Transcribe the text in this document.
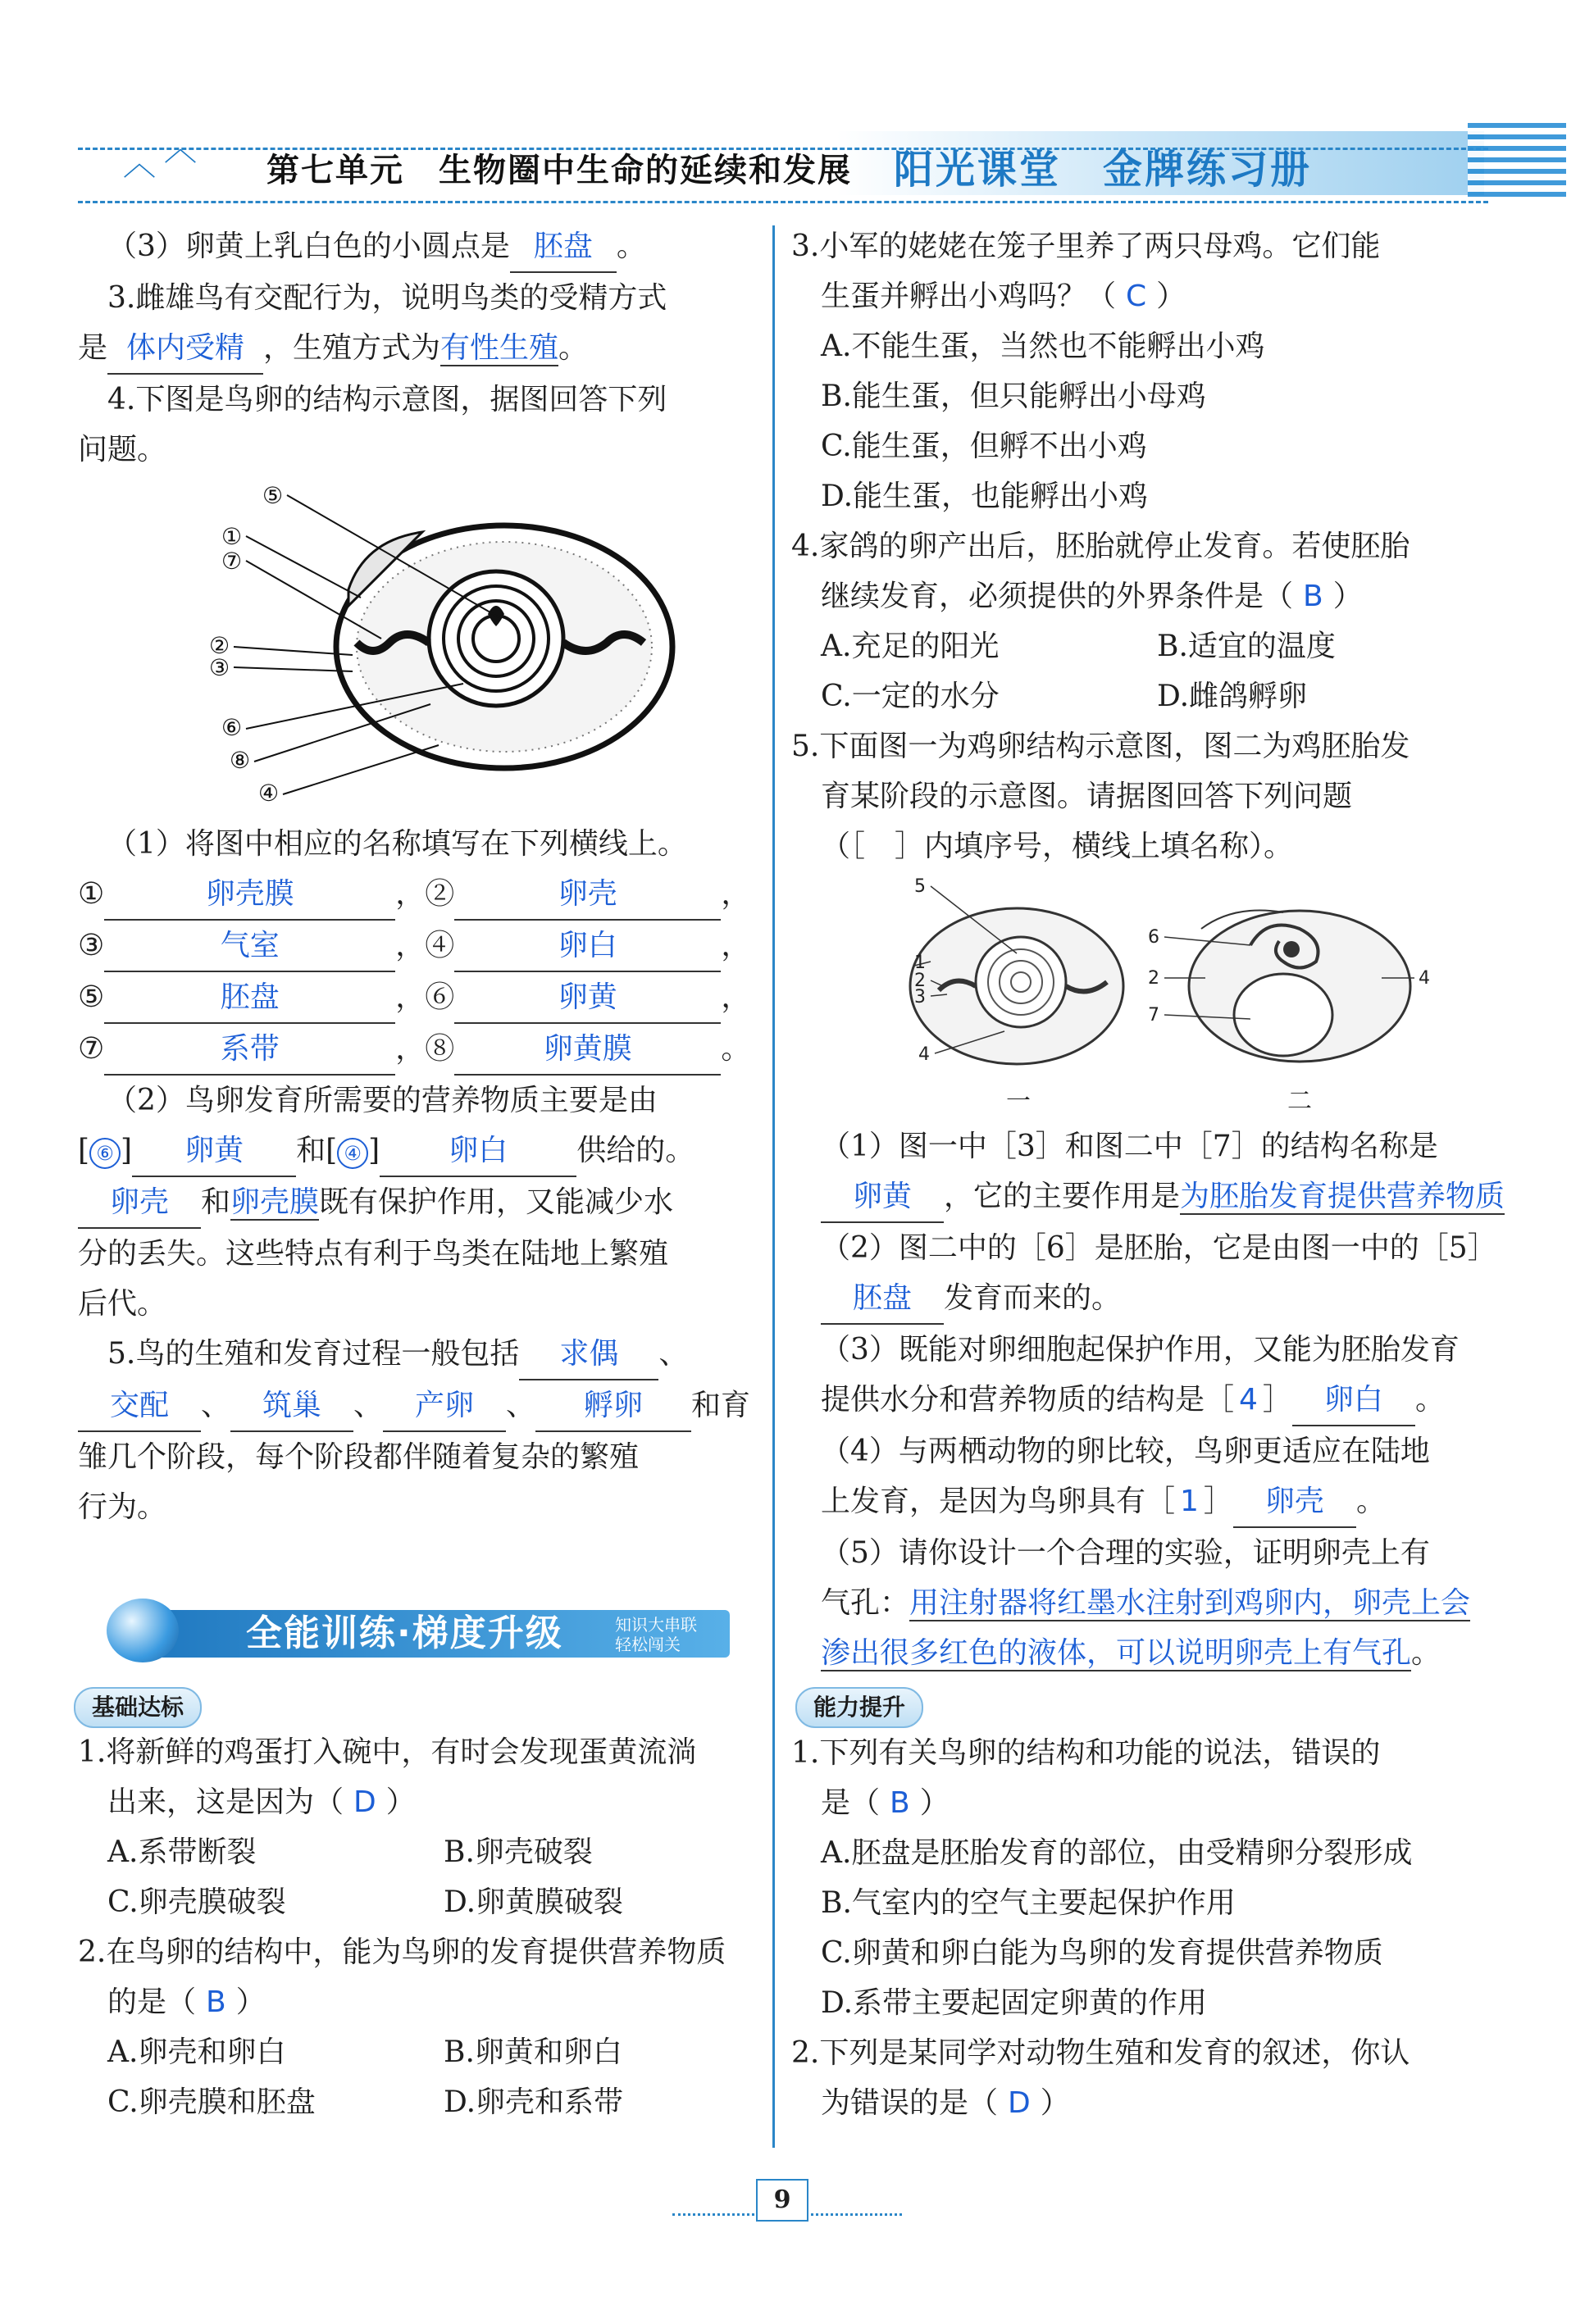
︿ ︿
第七单元　生物圈中生命的延续和发展 阳光课堂　金牌练习册
（3）卵黄上乳白色的小圆点是 胚盘 。
3.雌雄鸟有交配行为，说明鸟类的受精方式
是 体内受精 ，生殖方式为有性生殖。
4.下图是鸟卵的结构示意图，据图回答下列
问题。
⑤
①
⑦
②
③
⑥
⑧
④
（1）将图中相应的名称填写在下列横线上。
①	卵壳膜	，②	卵壳	，
③	气室	，④	卵白	，
⑤	胚盘	，⑥	卵黄	，
⑦	系带	，⑧	卵黄膜	。
（2）鸟卵发育所需要的营养物质主要是由
[ ⑥ ] 卵黄 和[ ④ ] 卵白 供给的。
卵壳 和卵壳膜既有保护作用，又能减少水
分的丢失。这些特点有利于鸟类在陆地上繁殖
后代。
5.鸟的生殖和发育过程一般包括 求偶 、
交配 、 筑巢 、 产卵 、 孵卵 和育
雏几个阶段，每个阶段都伴随着复杂的繁殖
行为。
1.将新鲜的鸡蛋打入碗中，有时会发现蛋黄流淌
出来，这是因为（ D ）
A.系带断裂	B.卵壳破裂
C.卵壳膜破裂	D.卵黄膜破裂
2.在鸟卵的结构中，能为鸟卵的发育提供营养物质
的是（ B ）
A.卵壳和卵白	B.卵黄和卵白
C.卵壳膜和胚盘	D.卵壳和系带
全能训练·梯度升级	知识大串联
轻松闯关
基础达标	能力提升
3.小军的姥姥在笼子里养了两只母鸡。它们能
生蛋并孵出小鸡吗？（ C ）
A.不能生蛋，当然也不能孵出小鸡
B.能生蛋，但只能孵出小母鸡
C.能生蛋，但孵不出小鸡
D.能生蛋，也能孵出小鸡
4.家鸽的卵产出后，胚胎就停止发育。若使胚胎
继续发育，必须提供的外界条件是（ B ）
A.充足的阳光	B.适宜的温度
C.一定的水分	D.雌鸽孵卵
5.下面图一为鸡卵结构示意图，图二为鸡胚胎发
育某阶段的示意图。请据图回答下列问题
（［　］内填序号，横线上填名称）。
5
1
2
3
4
一
6
2
7
4
二
（1）图一中［3］和图二中［7］的结构名称是
卵黄 ，它的主要作用是为胚胎发育提供营养物质
（2）图二中的［6］是胚胎，它是由图一中的［5］
胚盘 发育而来的。
（3）既能对卵细胞起保护作用，又能为胚胎发育
提供水分和营养物质的结构是［ 4 ］ 卵白 。
（4）与两栖动物的卵比较，鸟卵更适应在陆地
上发育，是因为鸟卵具有［ 1 ］ 卵壳 。
（5）请你设计一个合理的实验，证明卵壳上有
气孔：用注射器将红墨水注射到鸡卵内，卵壳上会
渗出很多红色的液体，可以说明卵壳上有气孔。
1.下列有关鸟卵的结构和功能的说法，错误的
是（ B ）
A.胚盘是胚胎发育的部位，由受精卵分裂形成
B.气室内的空气主要起保护作用
C.卵黄和卵白能为鸟卵的发育提供营养物质
D.系带主要起固定卵黄的作用
2.下列是某同学对动物生殖和发育的叙述，你认
为错误的是（ D ）
9
